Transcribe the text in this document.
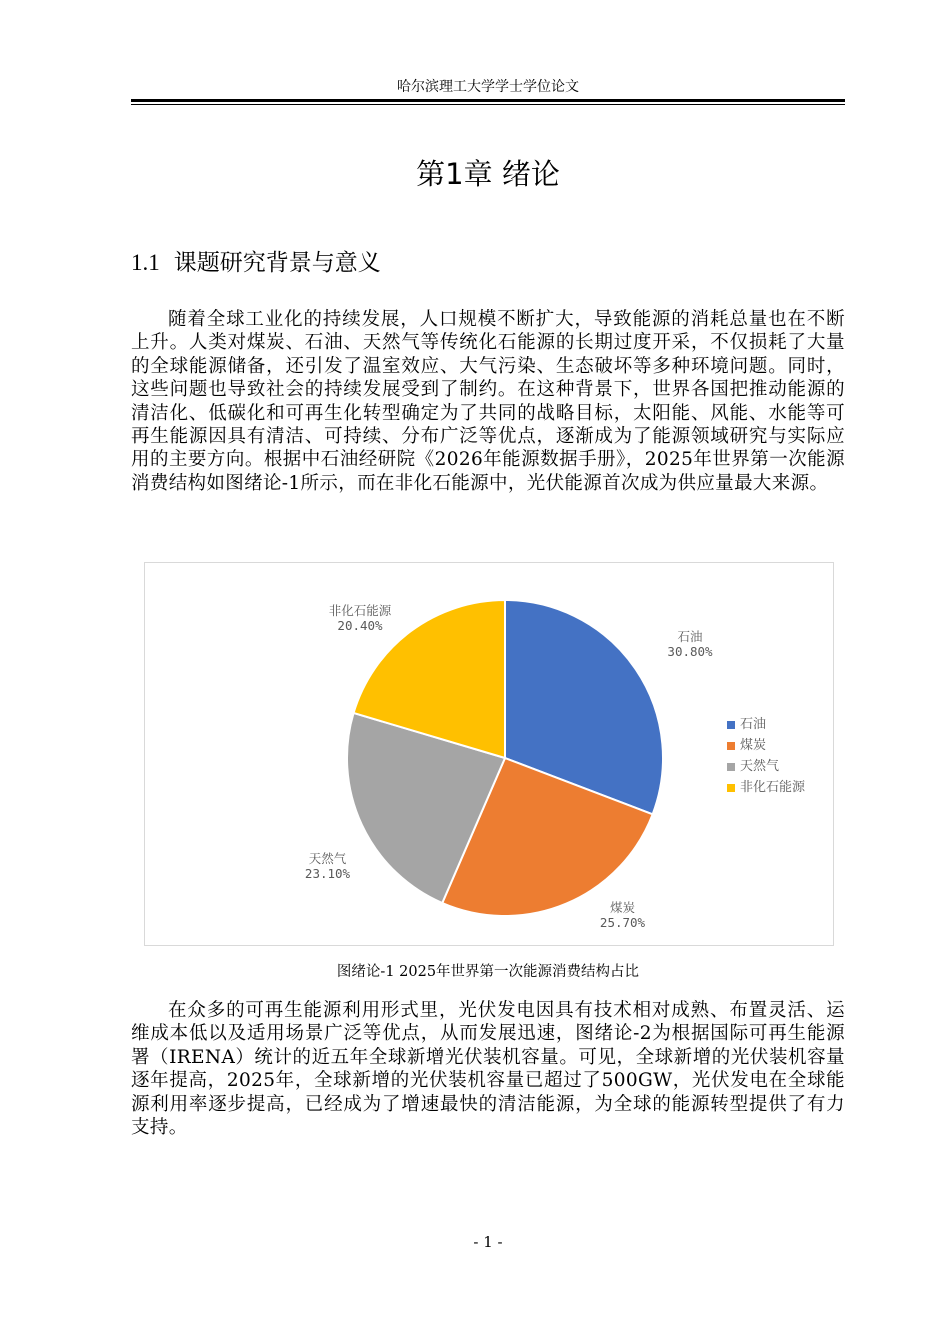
哈尔滨理工大学学士学位论文
第1章 绪论
1.1 课题研究背景与意义

随着全球工业化的持续发展，人口规模不断扩大，导致能源的消耗总量也在不断上升。人类对煤炭、石油、天然气等传统化石能源的长期过度开采，不仅损耗了大量的全球能源储备，还引发了温室效应、大气污染、生态破坏等多种环境问题。同时，这些问题也导致社会的持续发展受到了制约。在这种背景下，世界各国把推动能源的清洁化、低碳化和可再生化转型确定为了共同的战略目标，太阳能、风能、水能等可再生能源因具有清洁、可持续、分布广泛等优点，逐渐成为了能源领域研究与实际应用的主要方向。根据中石油经研院《2026年能源数据手册》，2025年世界第一次能源消费结构如图绪论-1所示，而在非化石能源中，光伏能源首次成为供应量最大来源。

石油
30.80%
煤炭
25.70%
天然气
23.10%
非化石能源
20.40%
石油
煤炭
天然气
非化石能源
图绪论-1 2025年世界第一次能源消费结构占比

在众多的可再生能源利用形式里，光伏发电因具有技术相对成熟、布置灵活、运维成本低以及适用场景广泛等优点，从而发展迅速，图绪论-2为根据国际可再生能源署（IRENA）统计的近五年全球新增光伏装机容量。可见，全球新增的光伏装机容量逐年提高，2025年，全球新增的光伏装机容量已超过了500GW，光伏发电在全球能源利用率逐步提高，已经成为了增速最快的清洁能源，为全球的能源转型提供了有力支持。

- 1 -
